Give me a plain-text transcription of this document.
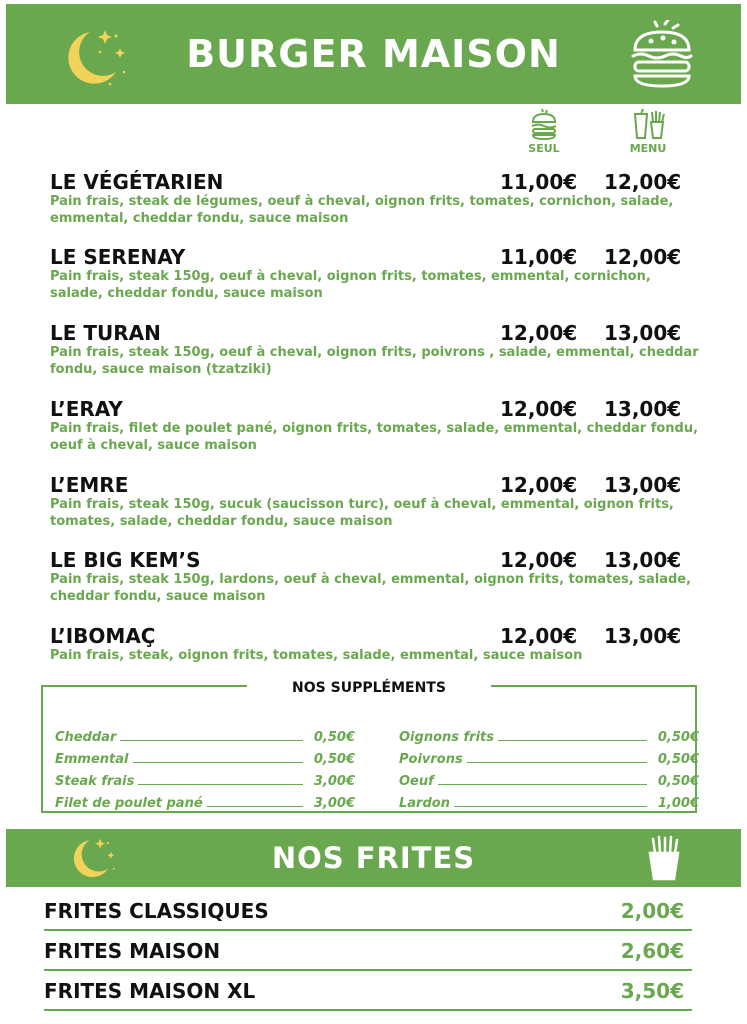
BURGER MAISON
SEUL	MENU
LE VÉGÉTARIEN	11,00€ 12,00€
Pain frais, steak de légumes, oeuf à cheval, oignon frits, tomates, cornichon, salade, emmental, cheddar fondu, sauce maison
LE SERENAY	11,00€ 12,00€
Pain frais, steak 150g, oeuf à cheval, oignon frits, tomates, emmental, cornichon, salade, cheddar fondu, sauce maison
LE TURAN	12,00€ 13,00€
Pain frais, steak 150g, oeuf à cheval, oignon frits, poivrons , salade, emmental, cheddar fondu, sauce maison (tzatziki)
L’ERAY	12,00€ 13,00€
Pain frais, filet de poulet pané, oignon frits, tomates, salade, emmental, cheddar fondu, oeuf à cheval, sauce maison
L’EMRE	12,00€ 13,00€
Pain frais, steak 150g, sucuk (saucisson turc), oeuf à cheval, emmental, oignon frits, tomates, salade, cheddar fondu, sauce maison
LE BIG KEM’S	12,00€ 13,00€
Pain frais, steak 150g, lardons, oeuf à cheval, emmental, oignon frits, tomates, salade, cheddar fondu, sauce maison
L’IBOMAÇ	12,00€ 13,00€
Pain frais, steak, oignon frits, tomates, salade, emmental, sauce maison
NOS SUPPLÉMENTS
Cheddar	0,50€
Emmental	0,50€
Steak frais	3,00€
Filet de poulet pané	3,00€
Oignons frits	0,50€
Poivrons	0,50€
Oeuf	0,50€
Lardon	1,00€
NOS FRITES
FRITES CLASSIQUES	2,00€
FRITES MAISON	2,60€
FRITES MAISON XL	3,50€
